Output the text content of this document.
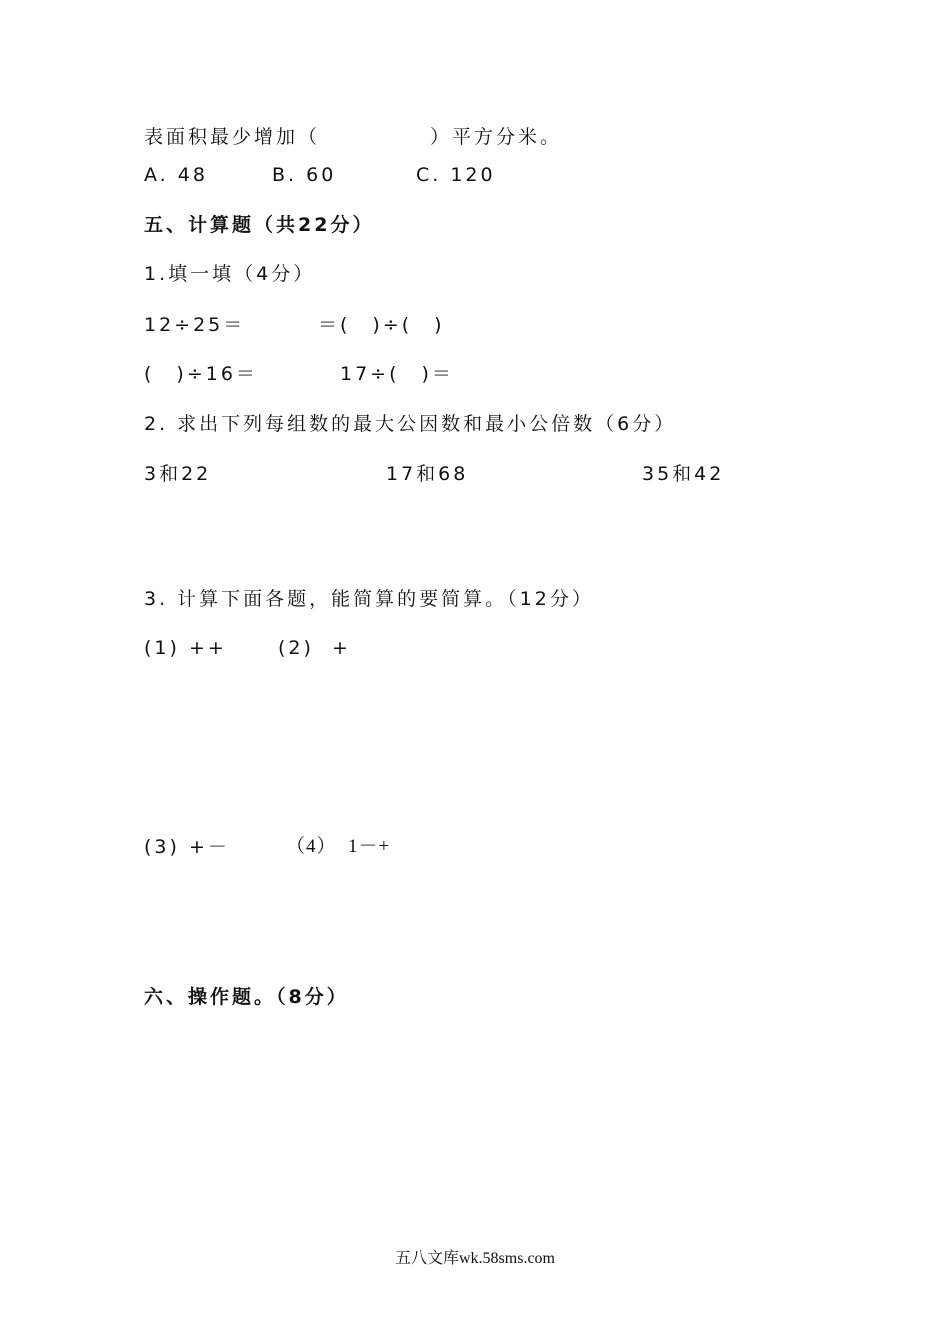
表面积最少增加（　　　　　）平方分米。
A. 48	B. 60	C. 120
五、计算题（共22分）
1.填一填（4分）
12÷25＝	＝(　)÷(　)
(　)÷16＝	17÷(　)＝
2. 求出下列每组数的最大公因数和最小公倍数（6分）
3和22	17和68	35和42
3. 计算下面各题，能简算的要简算。（12分）
(1) ++	(2)  +
(3) +－	（4）  1－+
六、操作题。（8分）
五八文库wk.58sms.com
